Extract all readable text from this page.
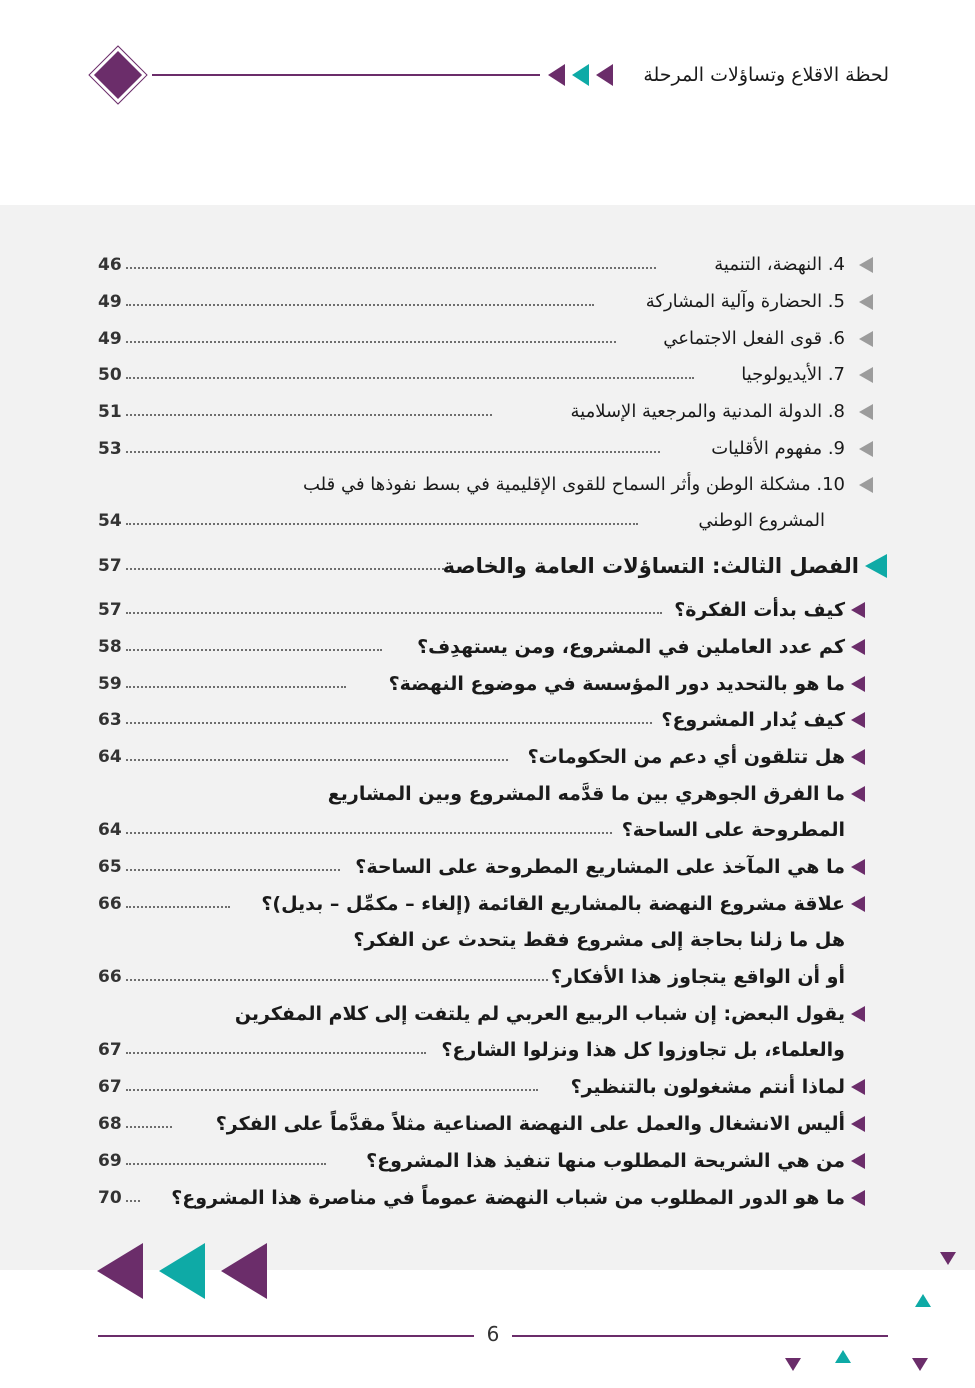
لحظة الاقلاع وتساؤلات المرحلة
4. النهضة، التنمية
46
5. الحضارة وآلية المشاركة
49
6. قوى الفعل الاجتماعي
49
7. الأيديولوجيا
50
8. الدولة المدنية والمرجعية الإسلامية
51
9. مفهوم الأقليات
53
10. مشكلة الوطن وأثر السماح للقوى الإقليمية في بسط نفوذها في قلب
المشروع الوطني
54
الفصل الثالث: التساؤلات العامة والخاصة
57
كيف بدأت الفكرة؟
57
كم عدد العاملين في المشروع، ومن يستهدِف؟
58
ما هو بالتحديد دور المؤسسة في موضوع النهضة؟
59
كيف يُدار المشروع؟
63
هل تتلقون أي دعم من الحكومات؟
64
ما الفرق الجوهري بين ما قدَّمه المشروع وبين المشاريع
المطروحة على الساحة؟
64
ما هي المآخذ على المشاريع المطروحة على الساحة؟
65
علاقة مشروع النهضة بالمشاريع القائمة (إلغاء – مكمِّل – بديل)؟
66
هل ما زلنا بحاجة إلى مشروع فقط يتحدث عن الفكر؟
أو أن الواقع يتجاوز هذا الأفكار؟
66
يقول البعض: إن شباب الربيع العربي لم يلتفت إلى كلام المفكرين
والعلماء، بل تجاوزوا كل هذا ونزلوا الشارع؟
67
لماذا أنتم مشغولون بالتنظير؟
67
أليس الانشغال والعمل على النهضة الصناعية مثلاً مقدَّماً على الفكر؟
68
من هي الشريحة المطلوب منها تنفيذ هذا المشروع؟
69
ما هو الدور المطلوب من شباب النهضة عموماً في مناصرة هذا المشروع؟
70
6
